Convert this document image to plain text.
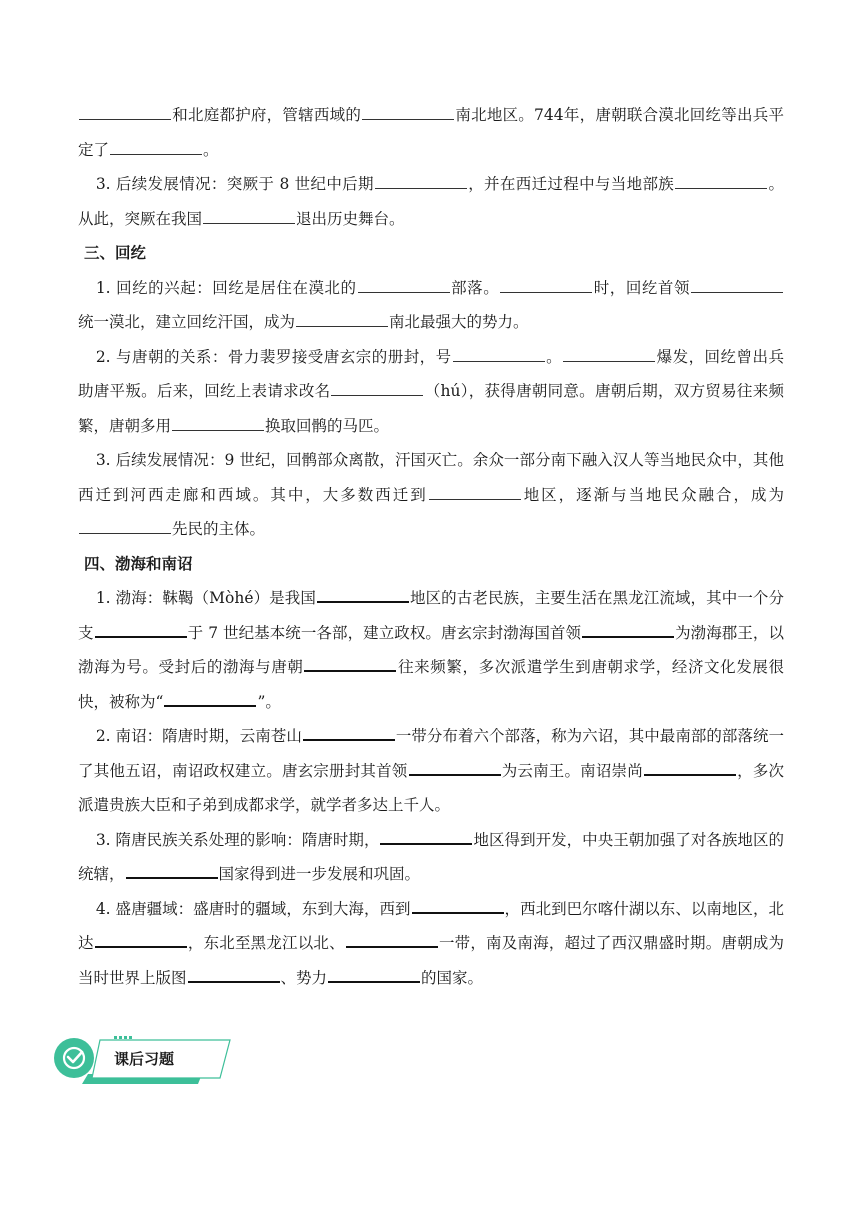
和北庭都护府，管辖西域的	南北地区。744年，唐朝联合漠北回纥等出兵平定了	。

3. 后续发展情况：突厥于 8 世纪中后期	，并在西迁过程中与当地部族	。从此，突厥在我国	退出历史舞台。

三、回纥

1. 回纥的兴起：回纥是居住在漠北的	部落。	时，回纥首领统一漠北，建立回纥汗国，成为	南北最强大的势力。

2. 与唐朝的关系：骨力裴罗接受唐玄宗的册封，号	。	爆发，回纥曾出兵助唐平叛。后来，回纥上表请求改名	（hú），获得唐朝同意。唐朝后期，双方贸易往来频繁，唐朝多用	换取回鹘的马匹。

3. 后续发展情况：9 世纪，回鹘部众离散，汗国灭亡。余众一部分南下融入汉人等当地民众中，其他西迁到河西走廊和西域。其中，大多数西迁到	地区，逐渐与当地民众融合，成为先民的主体。

四、渤海和南诏

1. 渤海：靺鞨（Mòhé）是我国	地区的古老民族，主要生活在黑龙江流域，其中一个分支	于 7 世纪基本统一各部，建立政权。唐玄宗封渤海国首领	为渤海郡王，以渤海为号。受封后的渤海与唐朝	往来频繁，多次派遣学生到唐朝求学，经济文化发展很快，被称为“	”。

2. 南诏：隋唐时期，云南苍山	一带分布着六个部落，称为六诏，其中最南部的部落统一了其他五诏，南诏政权建立。唐玄宗册封其首领	为云南王。南诏崇尚	，多次派遣贵族大臣和子弟到成都求学，就学者多达上千人。

3. 隋唐民族关系处理的影响：隋唐时期，	地区得到开发，中央王朝加强了对各族地区的统辖，	国家得到进一步发展和巩固。

4. 盛唐疆域：盛唐时的疆域，东到大海，西到	，西北到巴尔喀什湖以东、以南地区，北达	，东北至黑龙江以北、	一带，南及南海，超过了西汉鼎盛时期。唐朝成为当时世界上版图	、势力	的国家。

课后习题
